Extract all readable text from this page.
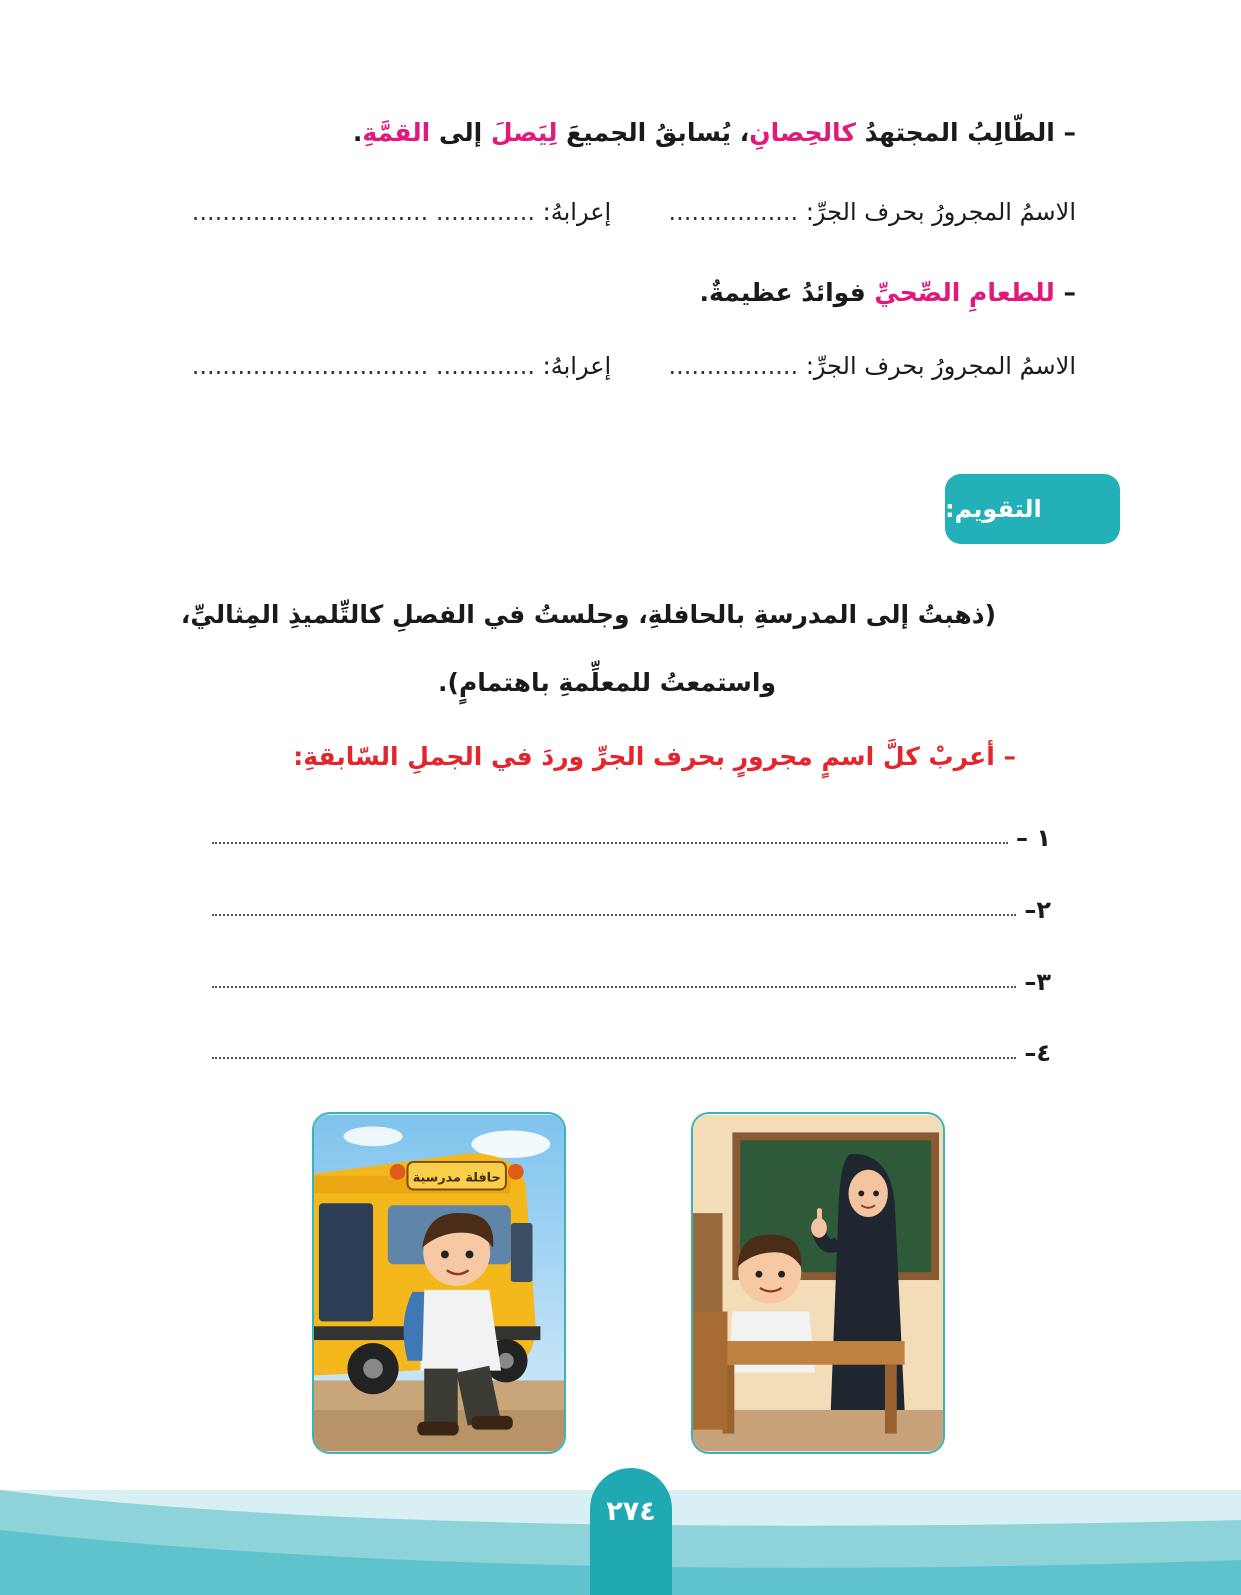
– الطّالِبُ المجتهدُ كالحِصانِ، يُسابقُ الجميعَ لِيَصلَ إلى القمَّةِ.
الاسمُ المجرورُ بحرف الجرِّ: .................  إعرابهُ: ............. ...............................
– للطعامِ الصِّحيِّ فوائدُ عظيمةٌ.
الاسمُ المجرورُ بحرف الجرِّ: .................  إعرابهُ: ............. ...............................
التقويم:
(ذهبتُ إلى المدرسةِ بالحافلةِ، وجلستُ في الفصلِ كالتِّلميذِ المِثاليِّ،
واستمعتُ للمعلِّمةِ باهتمامٍ).
– أعربْ كلَّ اسمٍ مجرورٍ بحرف الجرِّ وردَ في الجملِ السّابقةِ:
١ –
٢–
٣–
٤–
حافلة مدرسية
٢٧٤
